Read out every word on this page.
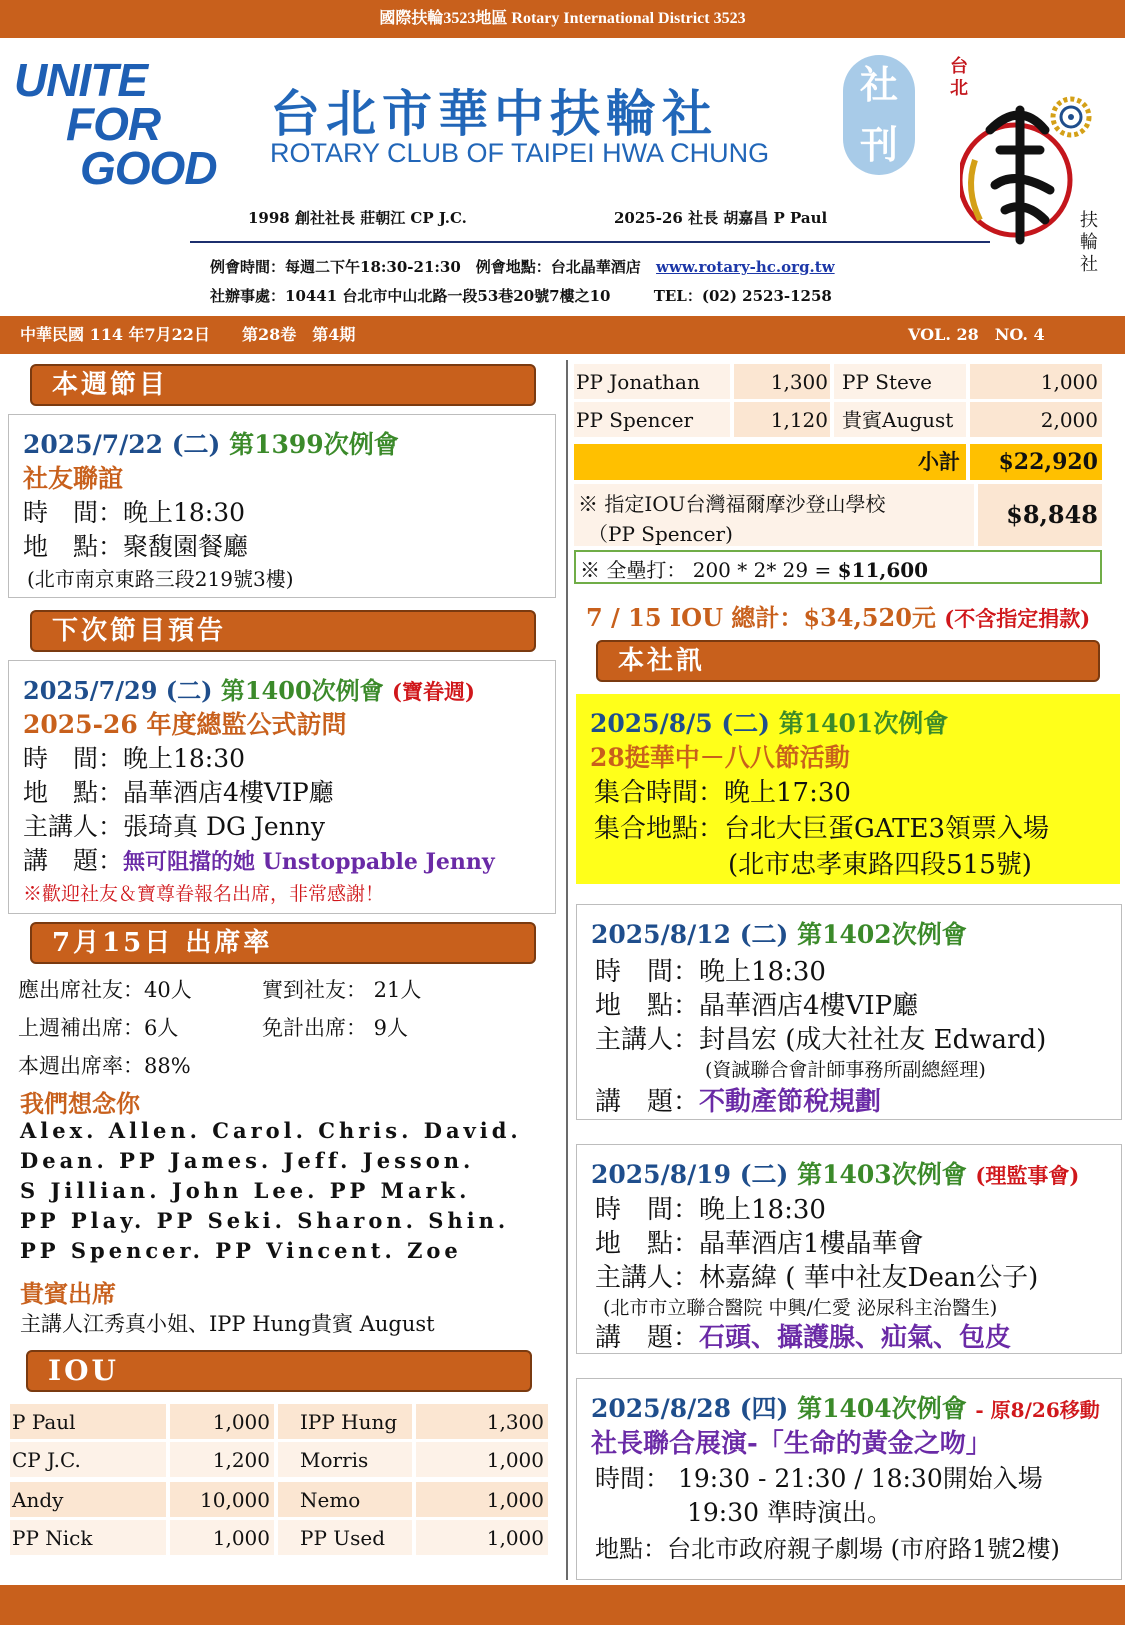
國際扶輪3523地區 Rotary International District 3523
UNITE
FOR
GOOD
台北市華中扶輪社
ROTARY CLUB OF TAIPEI HWA CHUNG
社
刊
台北
扶輪社
1998 創社社長 莊朝江 CP J.C.	2025-26 社長 胡嘉昌 P Paul
例會時間：每週二下午18:30-21:30　例會地點：台北晶華酒店 www.rotary-hc.org.tw
社辦事處：10441 台北市中山北路一段53巷20號7樓之10	TEL：(02) 2523-1258
中華民國 114 年7月22日　　第28卷　第4期	VOL. 28　NO. 4
本週節目
2025/7/22 (二) 第1399次例會
社友聯誼
時　間：晚上18:30
地　點：聚馥園餐廳
(北市南京東路三段219號3樓)
下次節目預告
2025/7/29 (二) 第1400次例會 (寶眷週)
2025-26 年度總監公式訪問
時　間：晚上18:30
地　點：晶華酒店4樓VIP廳
主講人：張琦真 DG Jenny
講　題：無可阻擋的她 Unstoppable Jenny
※歡迎社友＆寶尊眷報名出席，非常感謝！
7月15日 出席率
應出席社友：40人	實到社友： 21人
上週補出席：6人	免計出席： 9人
本週出席率：88%
我們想念你
Alex. Allen. Carol. Chris. David.
Dean. PP James. Jeff. Jesson.
S Jillian. John Lee. PP Mark.
PP Play. PP Seki. Sharon. Shin.
PP Spencer. PP Vincent. Zoe
貴賓出席
主講人江秀真小姐、IPP Hung貴賓 August
IOU
P Paul	1,000 IPP Hung	1,300
CP J.C.	1,200 Morris	1,000
Andy	10,000 Nemo	1,000
PP Nick	1,000 PP Used	1,000
PP Jonathan	1,300 PP Steve	1,000
PP Spencer	1,120 貴賓August	2,000
小計 $22,920
※ 指定IOU台灣福爾摩沙登山學校
（PP Spencer)
$8,848
※ 全壘打： 200 * 2* 29 = $11,600
7 / 15 IOU 總計：$34,520元 (不含指定捐款)
本社訊
2025/8/5 (二) 第1401次例會
28挺華中－八八節活動
集合時間：晚上17:30
集合地點：台北大巨蛋GATE3領票入場
(北市忠孝東路四段515號)
2025/8/12 (二) 第1402次例會
時　間：晚上18:30
地　點：晶華酒店4樓VIP廳
主講人：封昌宏 (成大社社友 Edward)
(資誠聯合會計師事務所副總經理)
講　題：不動產節稅規劃
2025/8/19 (二) 第1403次例會 (理監事會)
時　間：晚上18:30
地　點：晶華酒店1樓晶華會
主講人：林嘉緯 ( 華中社友Dean公子)
(北市市立聯合醫院 中興/仁愛 泌尿科主治醫生)
講　題：石頭、攝護腺、疝氣、包皮
2025/8/28 (四) 第1404次例會 - 原8/26移動
社長聯合展演-「生命的黃金之吻」
時間： 19:30 - 21:30 / 18:30開始入場
19:30 準時演出。
地點：台北市政府親子劇場 (市府路1號2樓)
